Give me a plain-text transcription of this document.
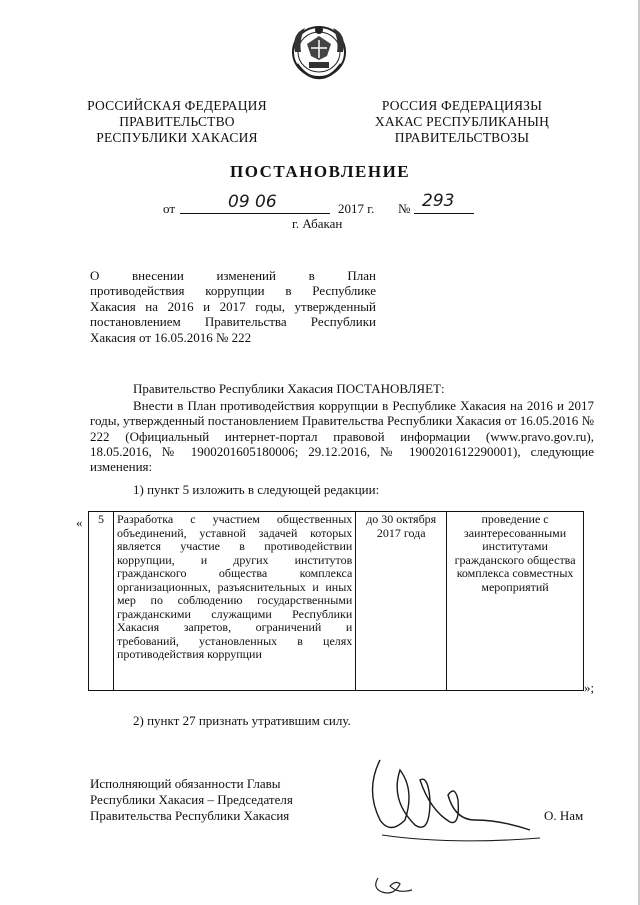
РОССИЙСКАЯ ФЕДЕРАЦИЯ
ПРАВИТЕЛЬСТВО
РЕСПУБЛИКИ ХАКАСИЯ
РОССИЯ ФЕДЕРАЦИЯЗЫ
ХАКАС РЕСПУБЛИКАНЫҢ
ПРАВИТЕЛЬСТВОЗЫ
ПОСТАНОВЛЕНИЕ
от	09 06	2017 г. № 293
г. Абакан
О внесении изменений в План
противодействия коррупции в Республике
Хакасия на 2016 и 2017 годы, утвержденный
постановлением Правительства Республики
Хакасия от 16.05.2016 № 222
Правительство Республики Хакасия ПОСТАНОВЛЯЕТ:
Внести в План противодействия коррупции в Республике Хакасия на 2016 и 2017 годы, утвержденный постановлением Правительства Республики Хакасия от 16.05.2016 № 222 (Официальный интернет-портал правовой информации (www.pravo.gov.ru), 18.05.2016, № 1900201605180006; 29.12.2016, № 1900201612290001), следующие изменения:
1) пункт 5 изложить в следующей редакции:
« 5	Разработка с участием общественных объединений, уставной задачей которых является участие в противодействии коррупции, и других институтов гражданского общества комплекса организационных, разъяснительных и иных мер по соблюдению государственными гражданскими служащими Республики Хакасия запретов, ограничений и требований, установленных в целях противодействия коррупции	до 30 октября 2017 года	проведение с заинтересованными институтами гражданского общества комплекса совместных мероприятий
»;
2) пункт 27 признать утратившим силу.
Исполняющий обязанности Главы
Республики Хакасия – Председателя
Правительства Республики Хакасия	О. Нам
